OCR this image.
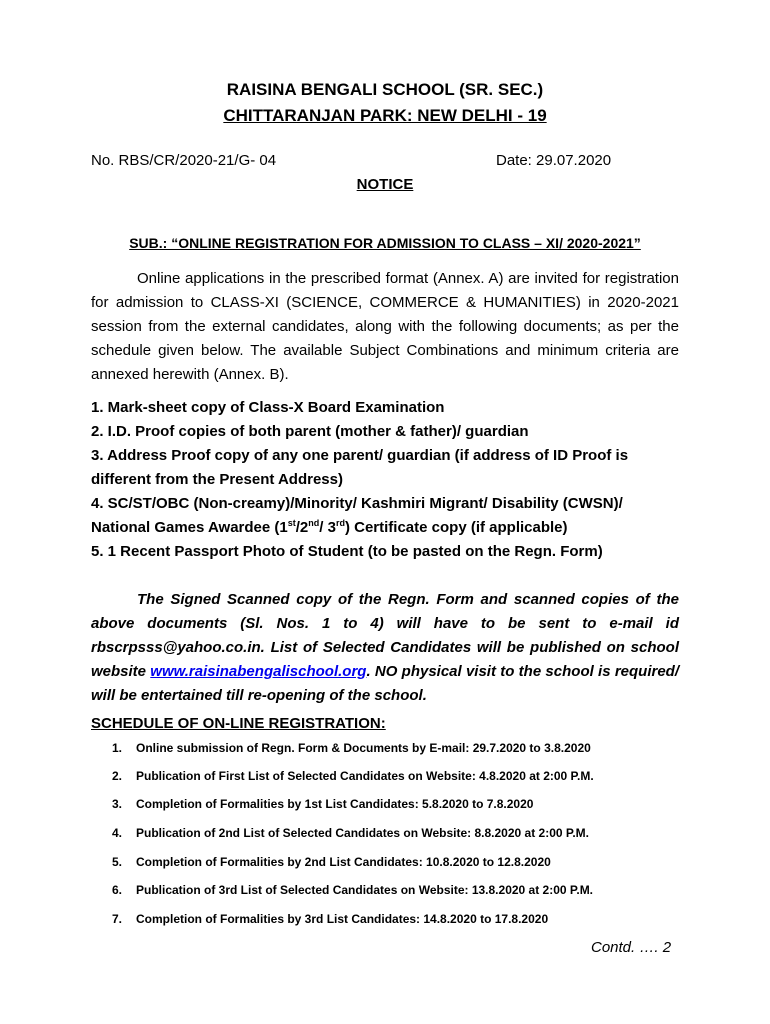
RAISINA BENGALI SCHOOL (SR. SEC.)
CHITTARANJAN PARK: NEW DELHI - 19
No. RBS/CR/2020-21/G- 04	Date: 29.07.2020
NOTICE
SUB.: “ONLINE REGISTRATION FOR ADMISSION TO CLASS – XI/ 2020-2021”
Online applications in the prescribed format (Annex. A) are invited for registration for admission to CLASS-XI (SCIENCE, COMMERCE & HUMANITIES) in 2020-2021 session from the external candidates, along with the following documents; as per the schedule given below. The available Subject Combinations and minimum criteria are annexed herewith (Annex. B).
1. Mark-sheet copy of Class-X Board Examination
2. I.D. Proof copies of both parent (mother & father)/ guardian
3. Address Proof copy of any one parent/ guardian (if address of ID Proof is
different from the Present Address)
4. SC/ST/OBC (Non-creamy)/Minority/ Kashmiri Migrant/ Disability (CWSN)/
National Games Awardee (1st/2nd/ 3rd) Certificate copy (if applicable)
5. 1 Recent Passport Photo of Student (to be pasted on the Regn. Form)
The Signed Scanned copy of the Regn. Form and scanned copies of the above documents (Sl. Nos. 1 to 4) will have to be sent to e-mail id rbscrpsss@yahoo.co.in. List of Selected Candidates will be published on school website www.raisinabengalischool.org. NO physical visit to the school is required/ will be entertained till re-opening of the school.
SCHEDULE OF ON-LINE REGISTRATION:
1. Online submission of Regn. Form & Documents by E-mail: 29.7.2020 to 3.8.2020
2. Publication of First List of Selected Candidates on Website: 4.8.2020 at 2:00 P.M.
3. Completion of Formalities by 1st List Candidates: 5.8.2020 to 7.8.2020
4. Publication of 2nd List of Selected Candidates on Website: 8.8.2020 at 2:00 P.M.
5. Completion of Formalities by 2nd List Candidates: 10.8.2020 to 12.8.2020
6. Publication of 3rd List of Selected Candidates on Website: 13.8.2020 at 2:00 P.M.
7. Completion of Formalities by 3rd List Candidates: 14.8.2020 to 17.8.2020
Contd. …. 2
